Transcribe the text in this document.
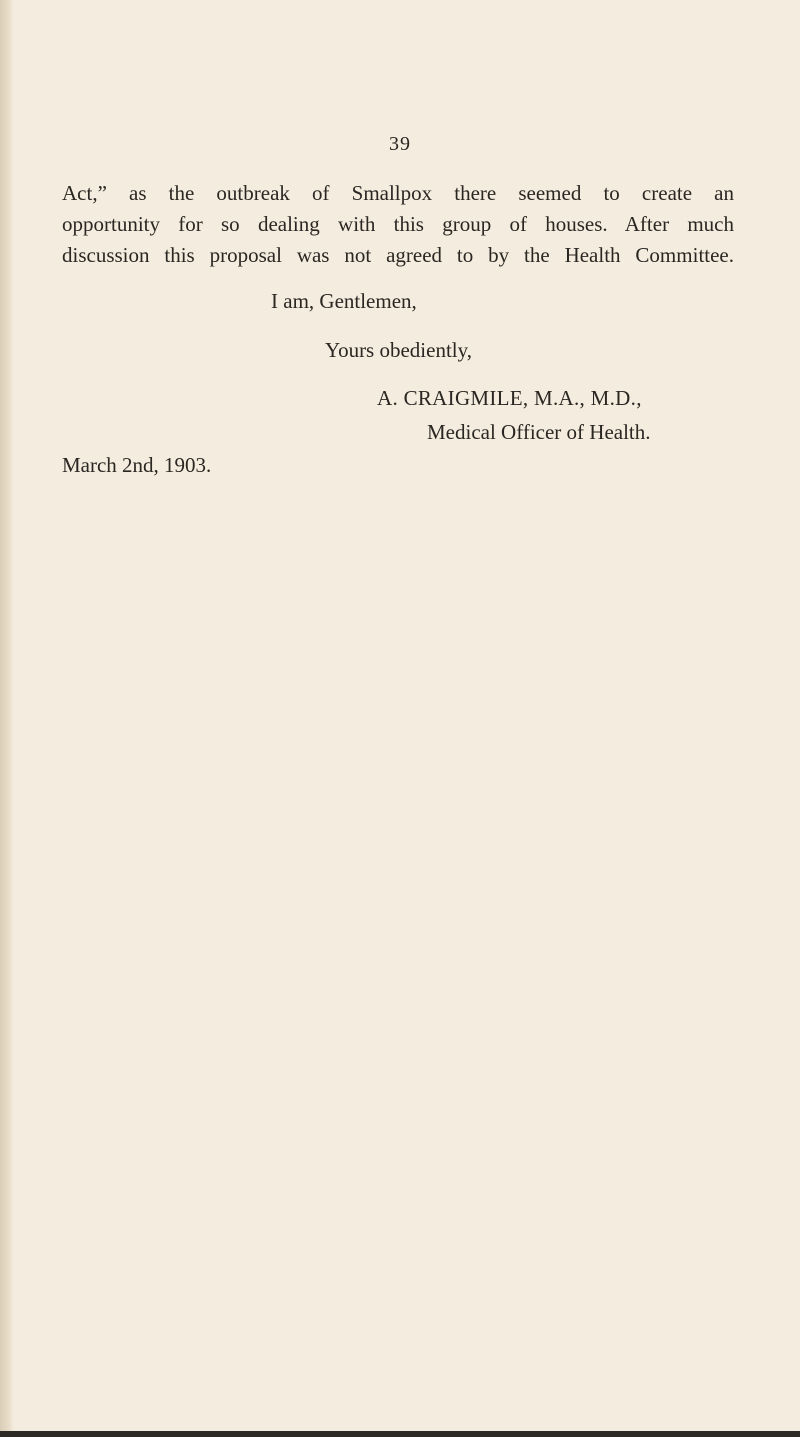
39
Act,” as the outbreak of Smallpox there seemed to create an
opportunity for so dealing with this group of houses. After much
discussion this proposal was not agreed to by the Health Committee.
I am, Gentlemen,
Yours obediently,
A. CRAIGMILE, M.A., M.D.,
Medical Officer of Health.
March 2nd, 1903.
